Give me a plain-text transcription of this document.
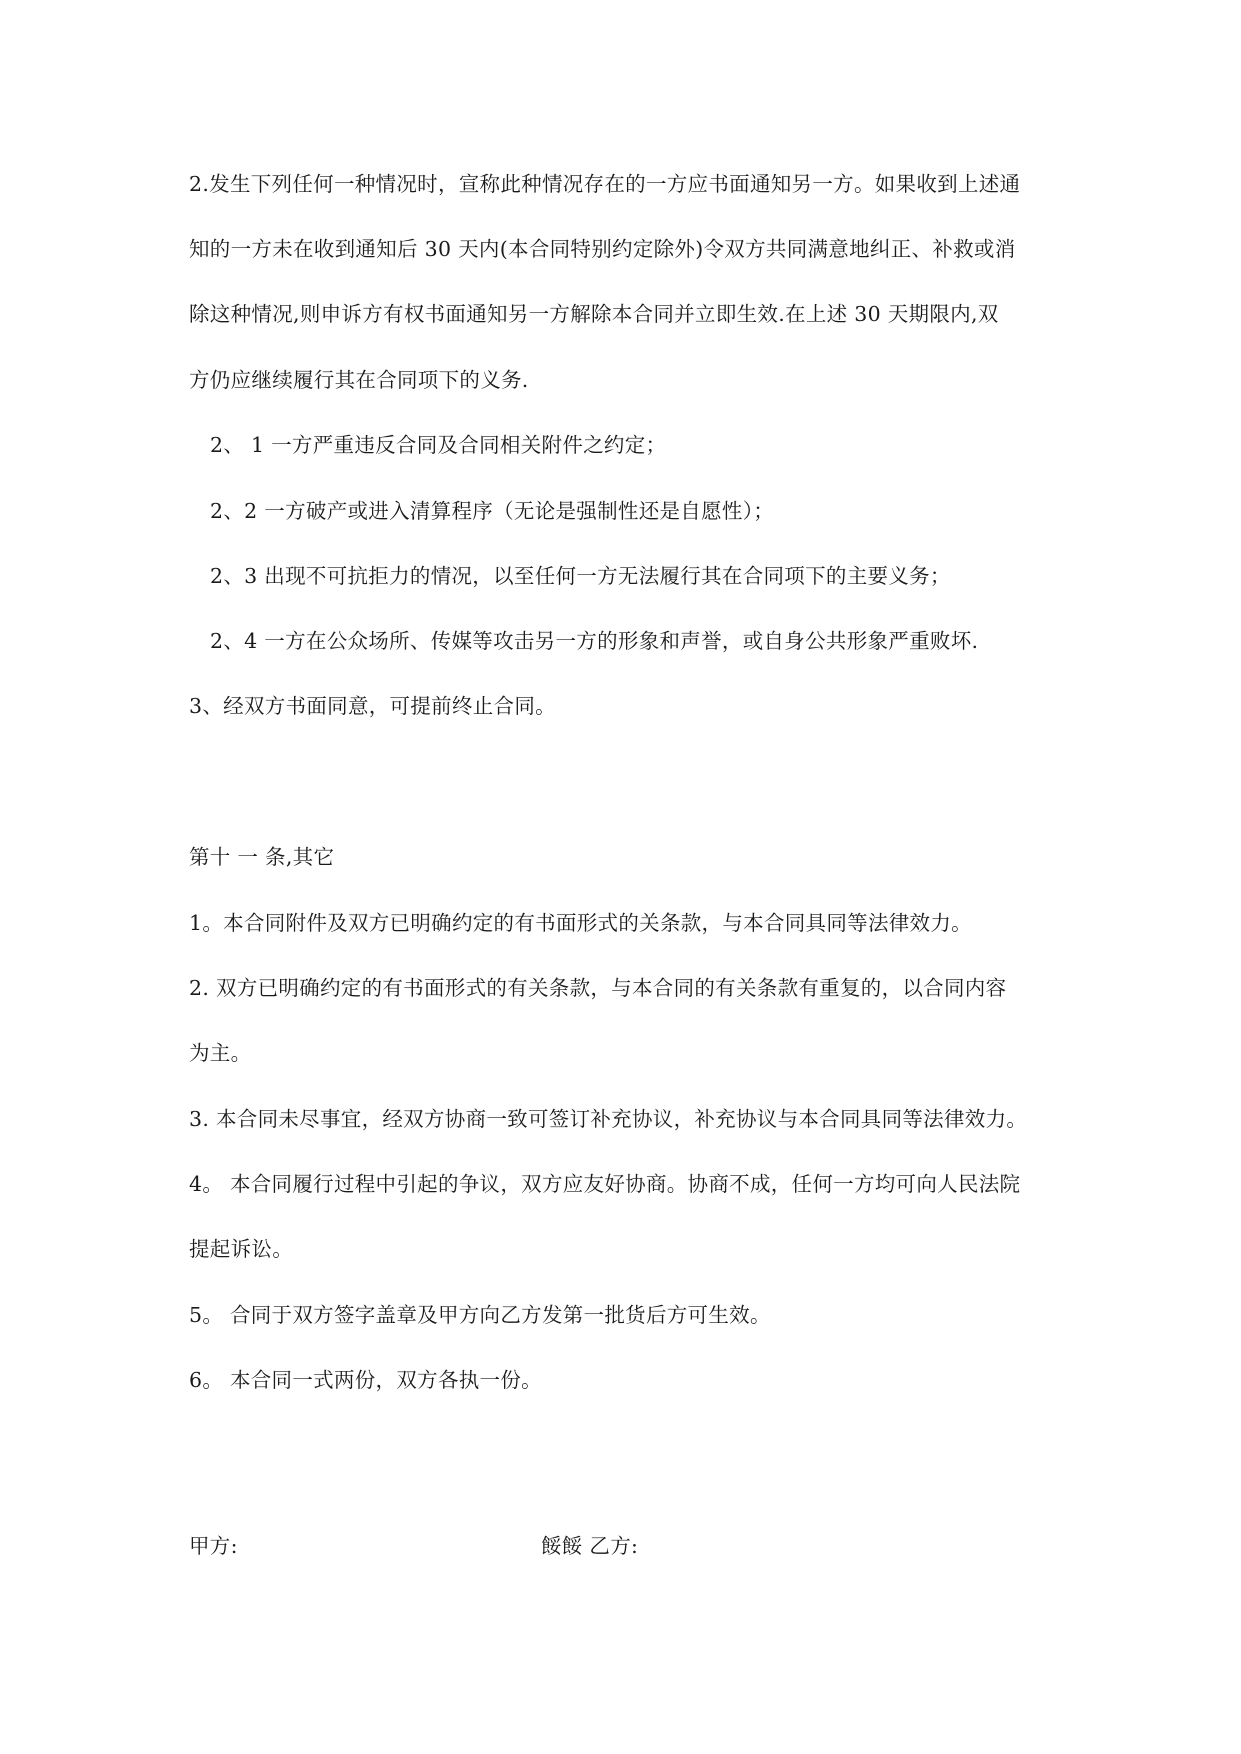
2.发生下列任何一种情况时，宣称此种情况存在的一方应书面通知另一方。如果收到上述通
知的一方未在收到通知后 30 天内(本合同特别约定除外)令双方共同满意地纠正、补救或消
除这种情况,则申诉方有权书面通知另一方解除本合同并立即生效.在上述 30 天期限内,双
方仍应继续履行其在合同项下的义务.
2、 1 一方严重违反合同及合同相关附件之约定；
2、2 一方破产或进入清算程序（无论是强制性还是自愿性）；
2、3 出现不可抗拒力的情况，以至任何一方无法履行其在合同项下的主要义务；
2、4 一方在公众场所、传媒等攻击另一方的形象和声誉，或自身公共形象严重败坏.
3、经双方书面同意，可提前终止合同。
第十 一 条,其它
1。本合同附件及双方已明确约定的有书面形式的关条款，与本合同具同等法律效力。
2. 双方已明确约定的有书面形式的有关条款，与本合同的有关条款有重复的，以合同内容
为主。
3. 本合同未尽事宜，经双方协商一致可签订补充协议，补充协议与本合同具同等法律效力。
4。 本合同履行过程中引起的争议，双方应友好协商。协商不成，任何一方均可向人民法院
提起诉讼。
5。 合同于双方签字盖章及甲方向乙方发第一批货后方可生效。
6。 本合同一式两份，双方各执一份。
甲方:	餒餒 乙方:
